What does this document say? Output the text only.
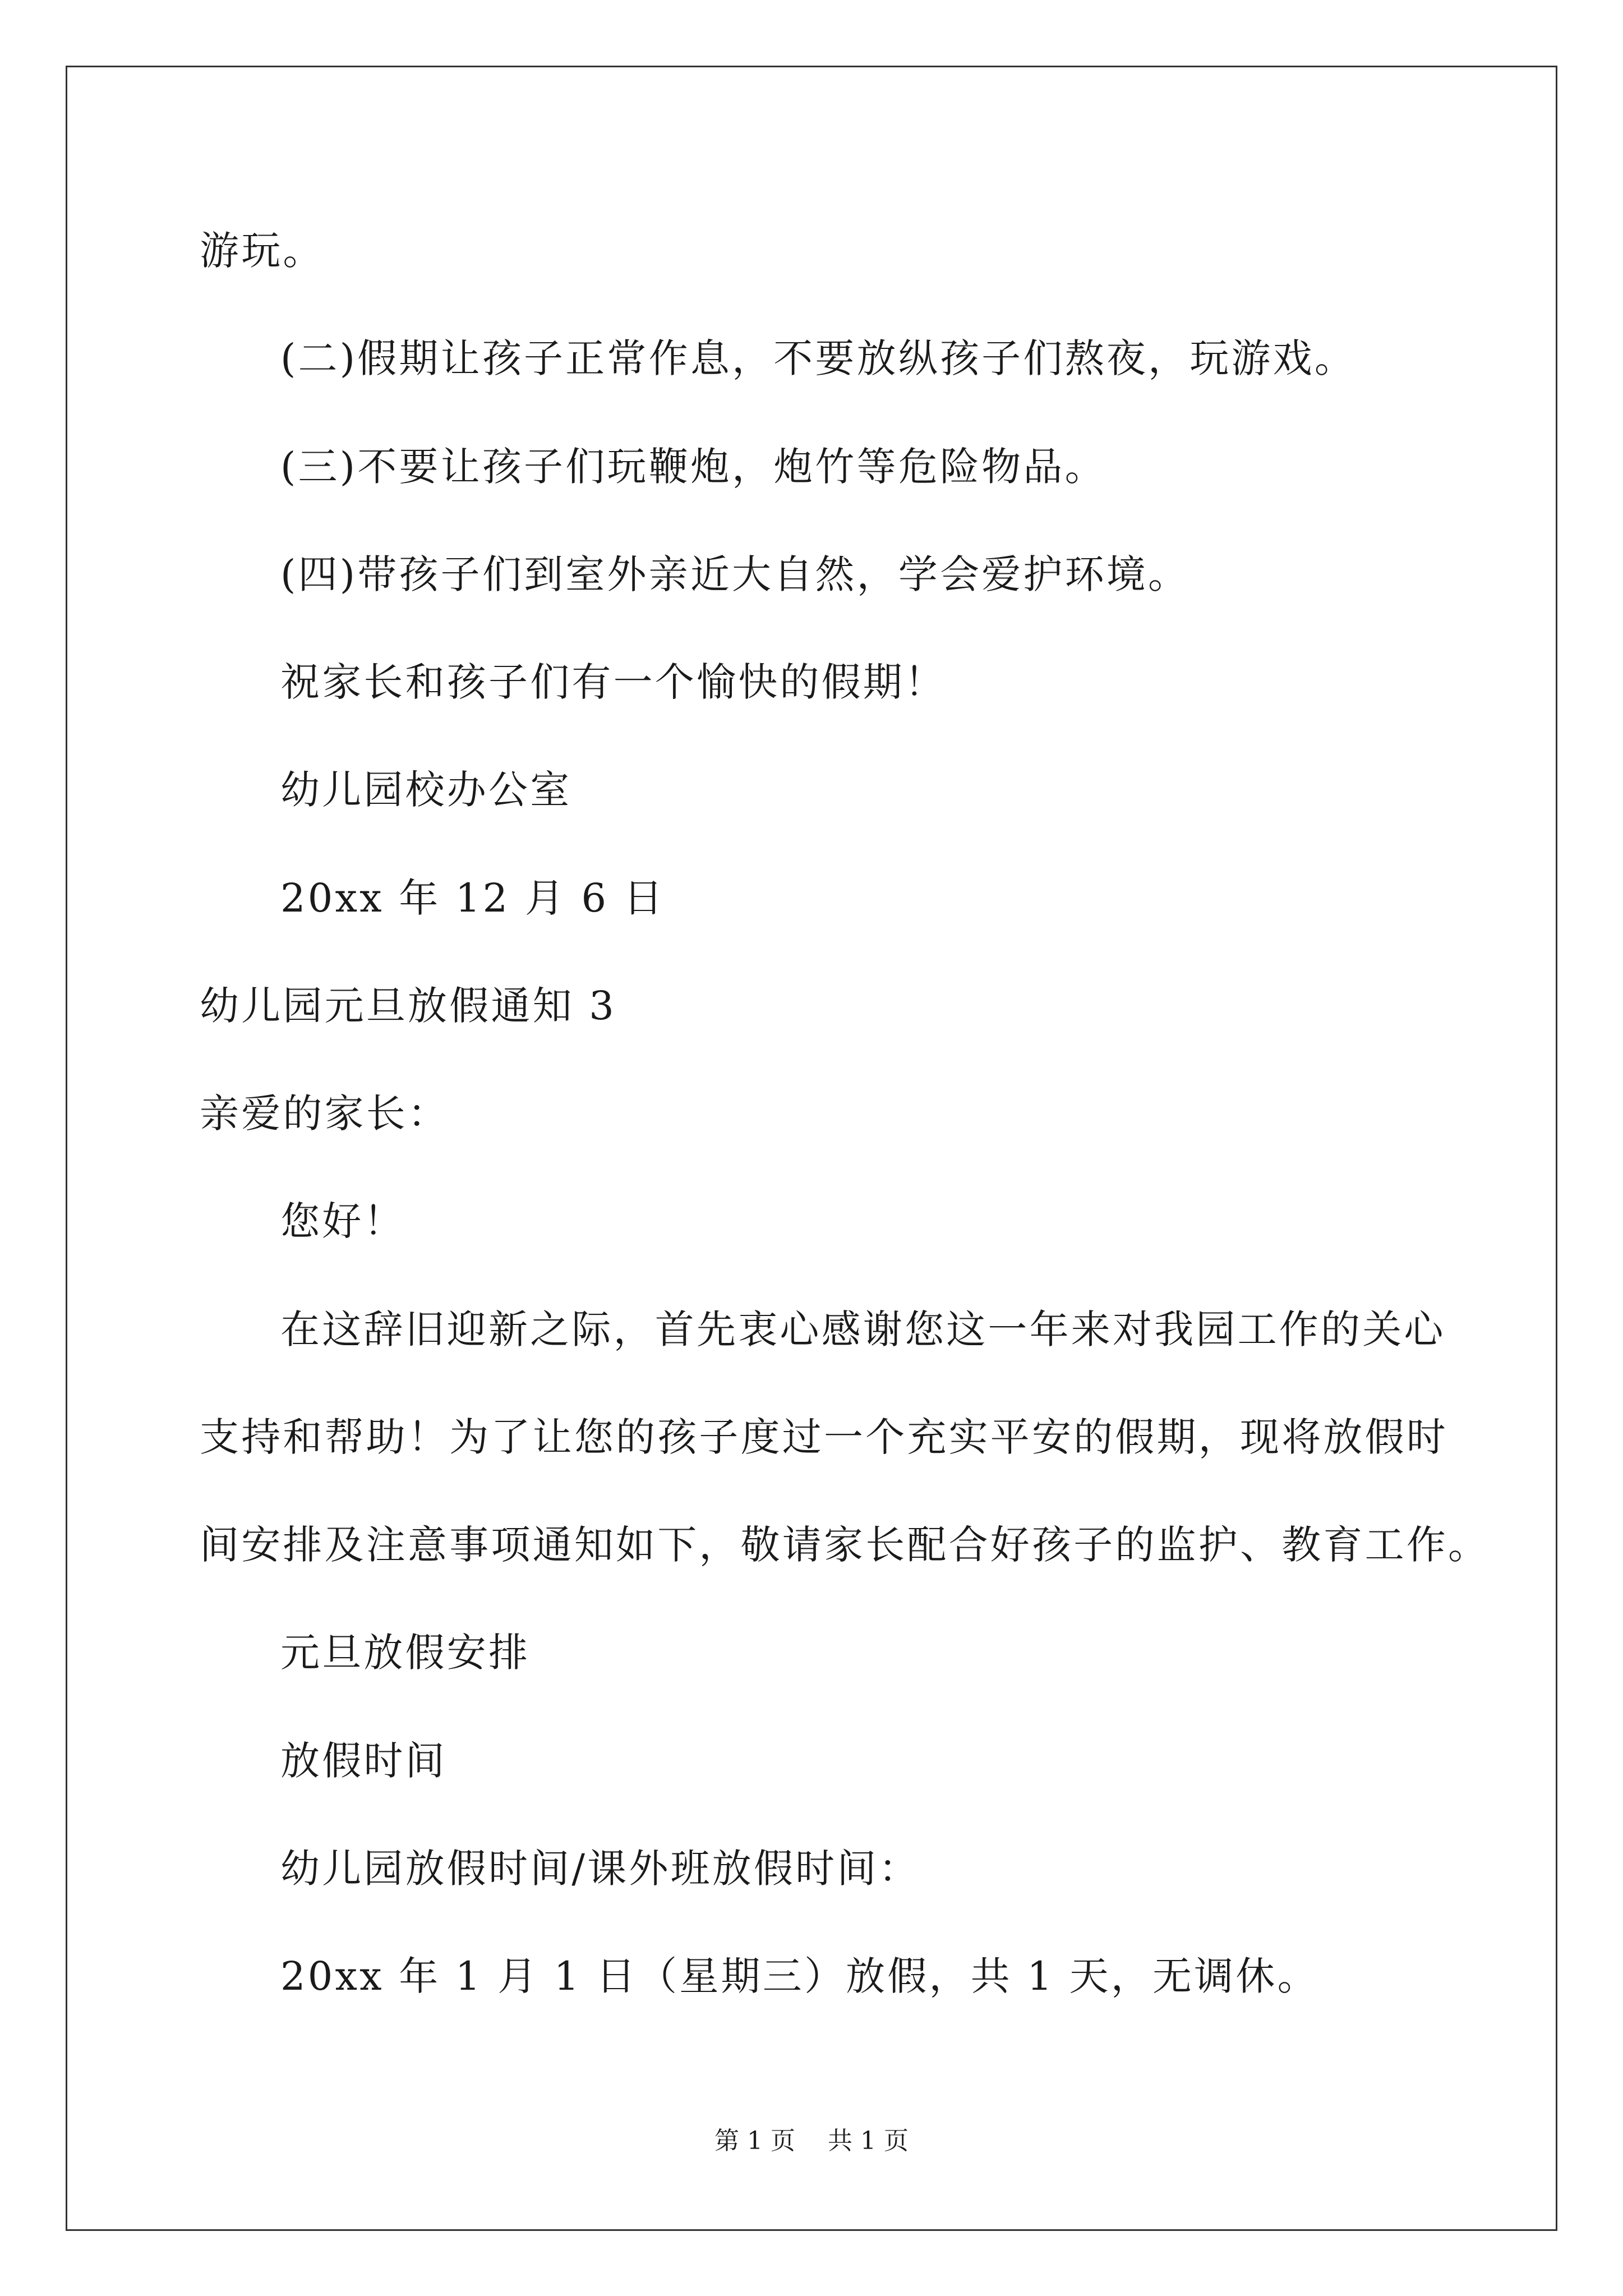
游玩。
(二)假期让孩子正常作息，不要放纵孩子们熬夜，玩游戏。
(三)不要让孩子们玩鞭炮，炮竹等危险物品。
(四)带孩子们到室外亲近大自然，学会爱护环境。
祝家长和孩子们有一个愉快的假期！
幼儿园校办公室
20xx 年 12 月 6 日
幼儿园元旦放假通知 3
亲爱的家长：
您好！
在这辞旧迎新之际，首先衷心感谢您这一年来对我园工作的关心
支持和帮助！为了让您的孩子度过一个充实平安的假期，现将放假时
间安排及注意事项通知如下，敬请家长配合好孩子的监护、教育工作。
元旦放假安排
放假时间
幼儿园放假时间/课外班放假时间：
20xx 年 1 月 1 日（星期三）放假，共 1 天，无调休。
第 1 页　 共 1 页
